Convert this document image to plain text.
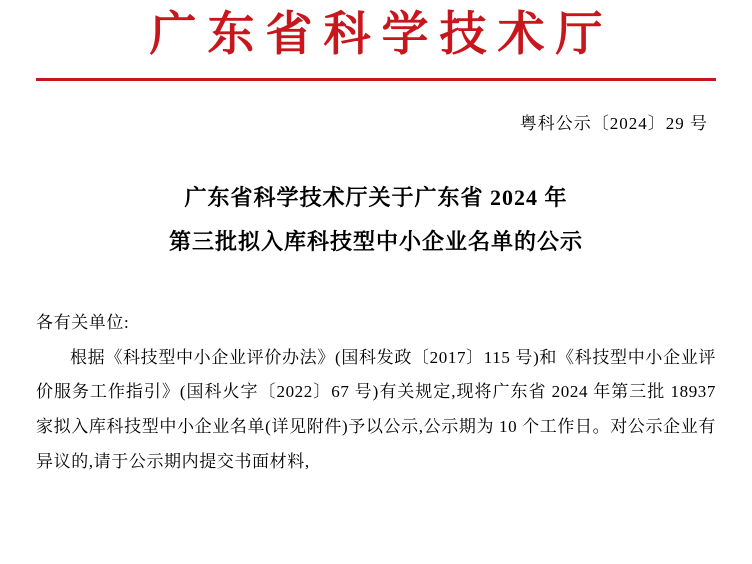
广东省科学技术厅
粤科公示〔2024〕29 号
广东省科学技术厅关于广东省 2024 年
第三批拟入库科技型中小企业名单的公示

各有关单位:

根据《科技型中小企业评价办法》(国科发政〔2017〕115 号)和《科技型中小企业评价服务工作指引》(国科火字〔2022〕67 号)有关规定,现将广东省 2024 年第三批 18937 家拟入库科技型中小企业名单(详见附件)予以公示,公示期为 10 个工作日。对公示企业有异议的,请于公示期内提交书面材料,
